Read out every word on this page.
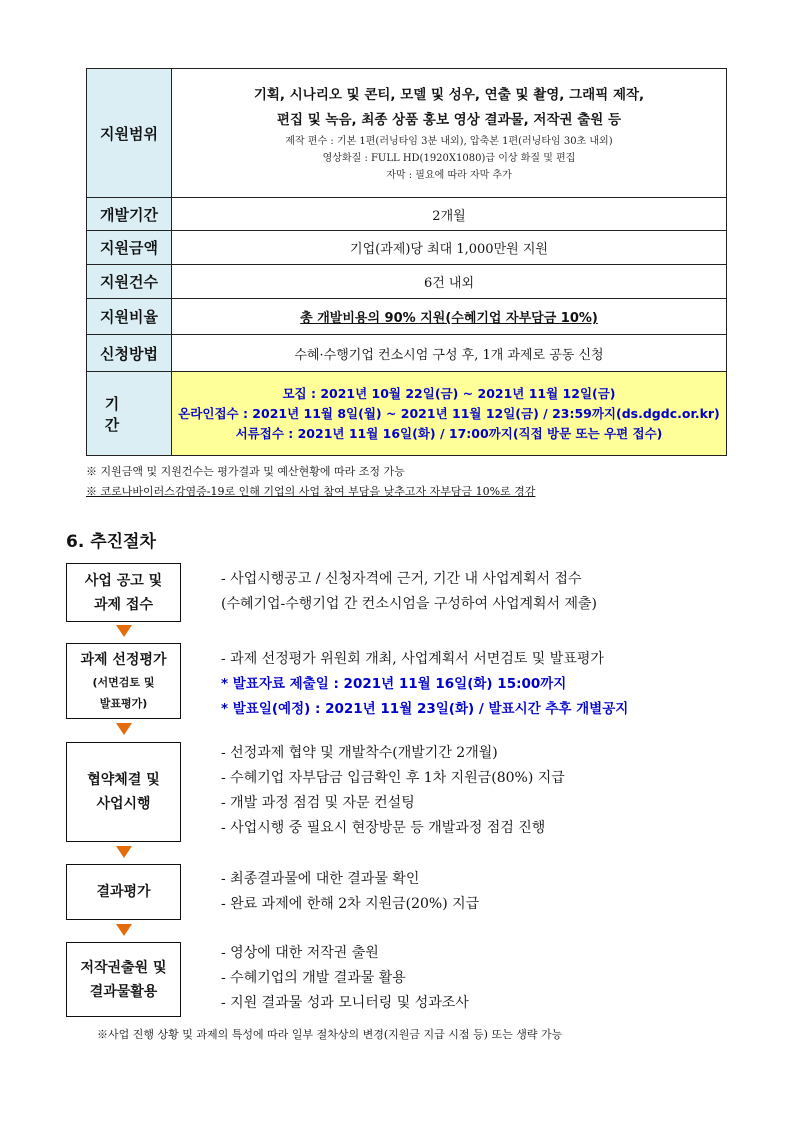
지원범위	기획, 시나리오 및 콘티, 모델 및 성우, 연출 및 촬영, 그래픽 제작,
편집 및 녹음, 최종 상품 홍보 영상 결과물, 저작권 출원 등
제작 편수 : 기본 1편(러닝타임 3분 내외), 압축본 1편(러닝타임 30초 내외)
영상화질 : FULL HD(1920X1080)급 이상 화질 및 편집
자막 : 필요에 따라 자막 추가

개발기간	2개월
지원금액	기업(과제)당 최대 1,000만원 지원
지원건수	6건 내외
지원비율	총 개발비용의 90% 지원(수혜기업 자부담금 10%)
신청방법	수혜·수행기업 컨소시엄 구성 후, 1개 과제로 공동 신청
기간	모집 : 2021년 10월 22일(금) ~ 2021년 11월 12일(금)
온라인접수 : 2021년 11월 8일(월) ~ 2021년 11월 12일(금) / 23:59까지(ds.dgdc.or.kr)
서류접수 : 2021년 11월 16일(화) / 17:00까지(직접 방문 또는 우편 접수)
※ 지원금액 및 지원건수는 평가결과 및 예산현황에 따라 조정 가능
※ 코로나바이러스감염증-19로 인해 기업의 사업 참여 부담을 낮추고자 자부담금 10%로 경감
6. 추진절차
사업 공고 및
과제 접수
- 사업시행공고 / 신청자격에 근거, 기간 내 사업계획서 접수
(수혜기업-수행기업 간 컨소시엄을 구성하여 사업계획서 제출)
과제 선정평가
(서면검토 및
발표평가)
- 과제 선정평가 위원회 개최, 사업계획서 서면검토 및 발표평가
* 발표자료 제출일 : 2021년 11월 16일(화) 15:00까지
* 발표일(예정) : 2021년 11월 23일(화) / 발표시간 추후 개별공지
협약체결 및
사업시행
- 선정과제 협약 및 개발착수(개발기간 2개월)
- 수혜기업 자부담금 입금확인 후 1차 지원금(80%) 지급
- 개발 과정 점검 및 자문 컨설팅
- 사업시행 중 필요시 현장방문 등 개발과정 점검 진행
결과평가
- 최종결과물에 대한 결과물 확인
- 완료 과제에 한해 2차 지원금(20%) 지급
저작권출원 및
결과물활용
- 영상에 대한 저작권 출원
- 수혜기업의 개발 결과물 활용
- 지원 결과물 성과 모니터링 및 성과조사
※사업 진행 상황 및 과제의 특성에 따라 일부 절차상의 변경(지원금 지급 시점 등) 또는 생략 가능
